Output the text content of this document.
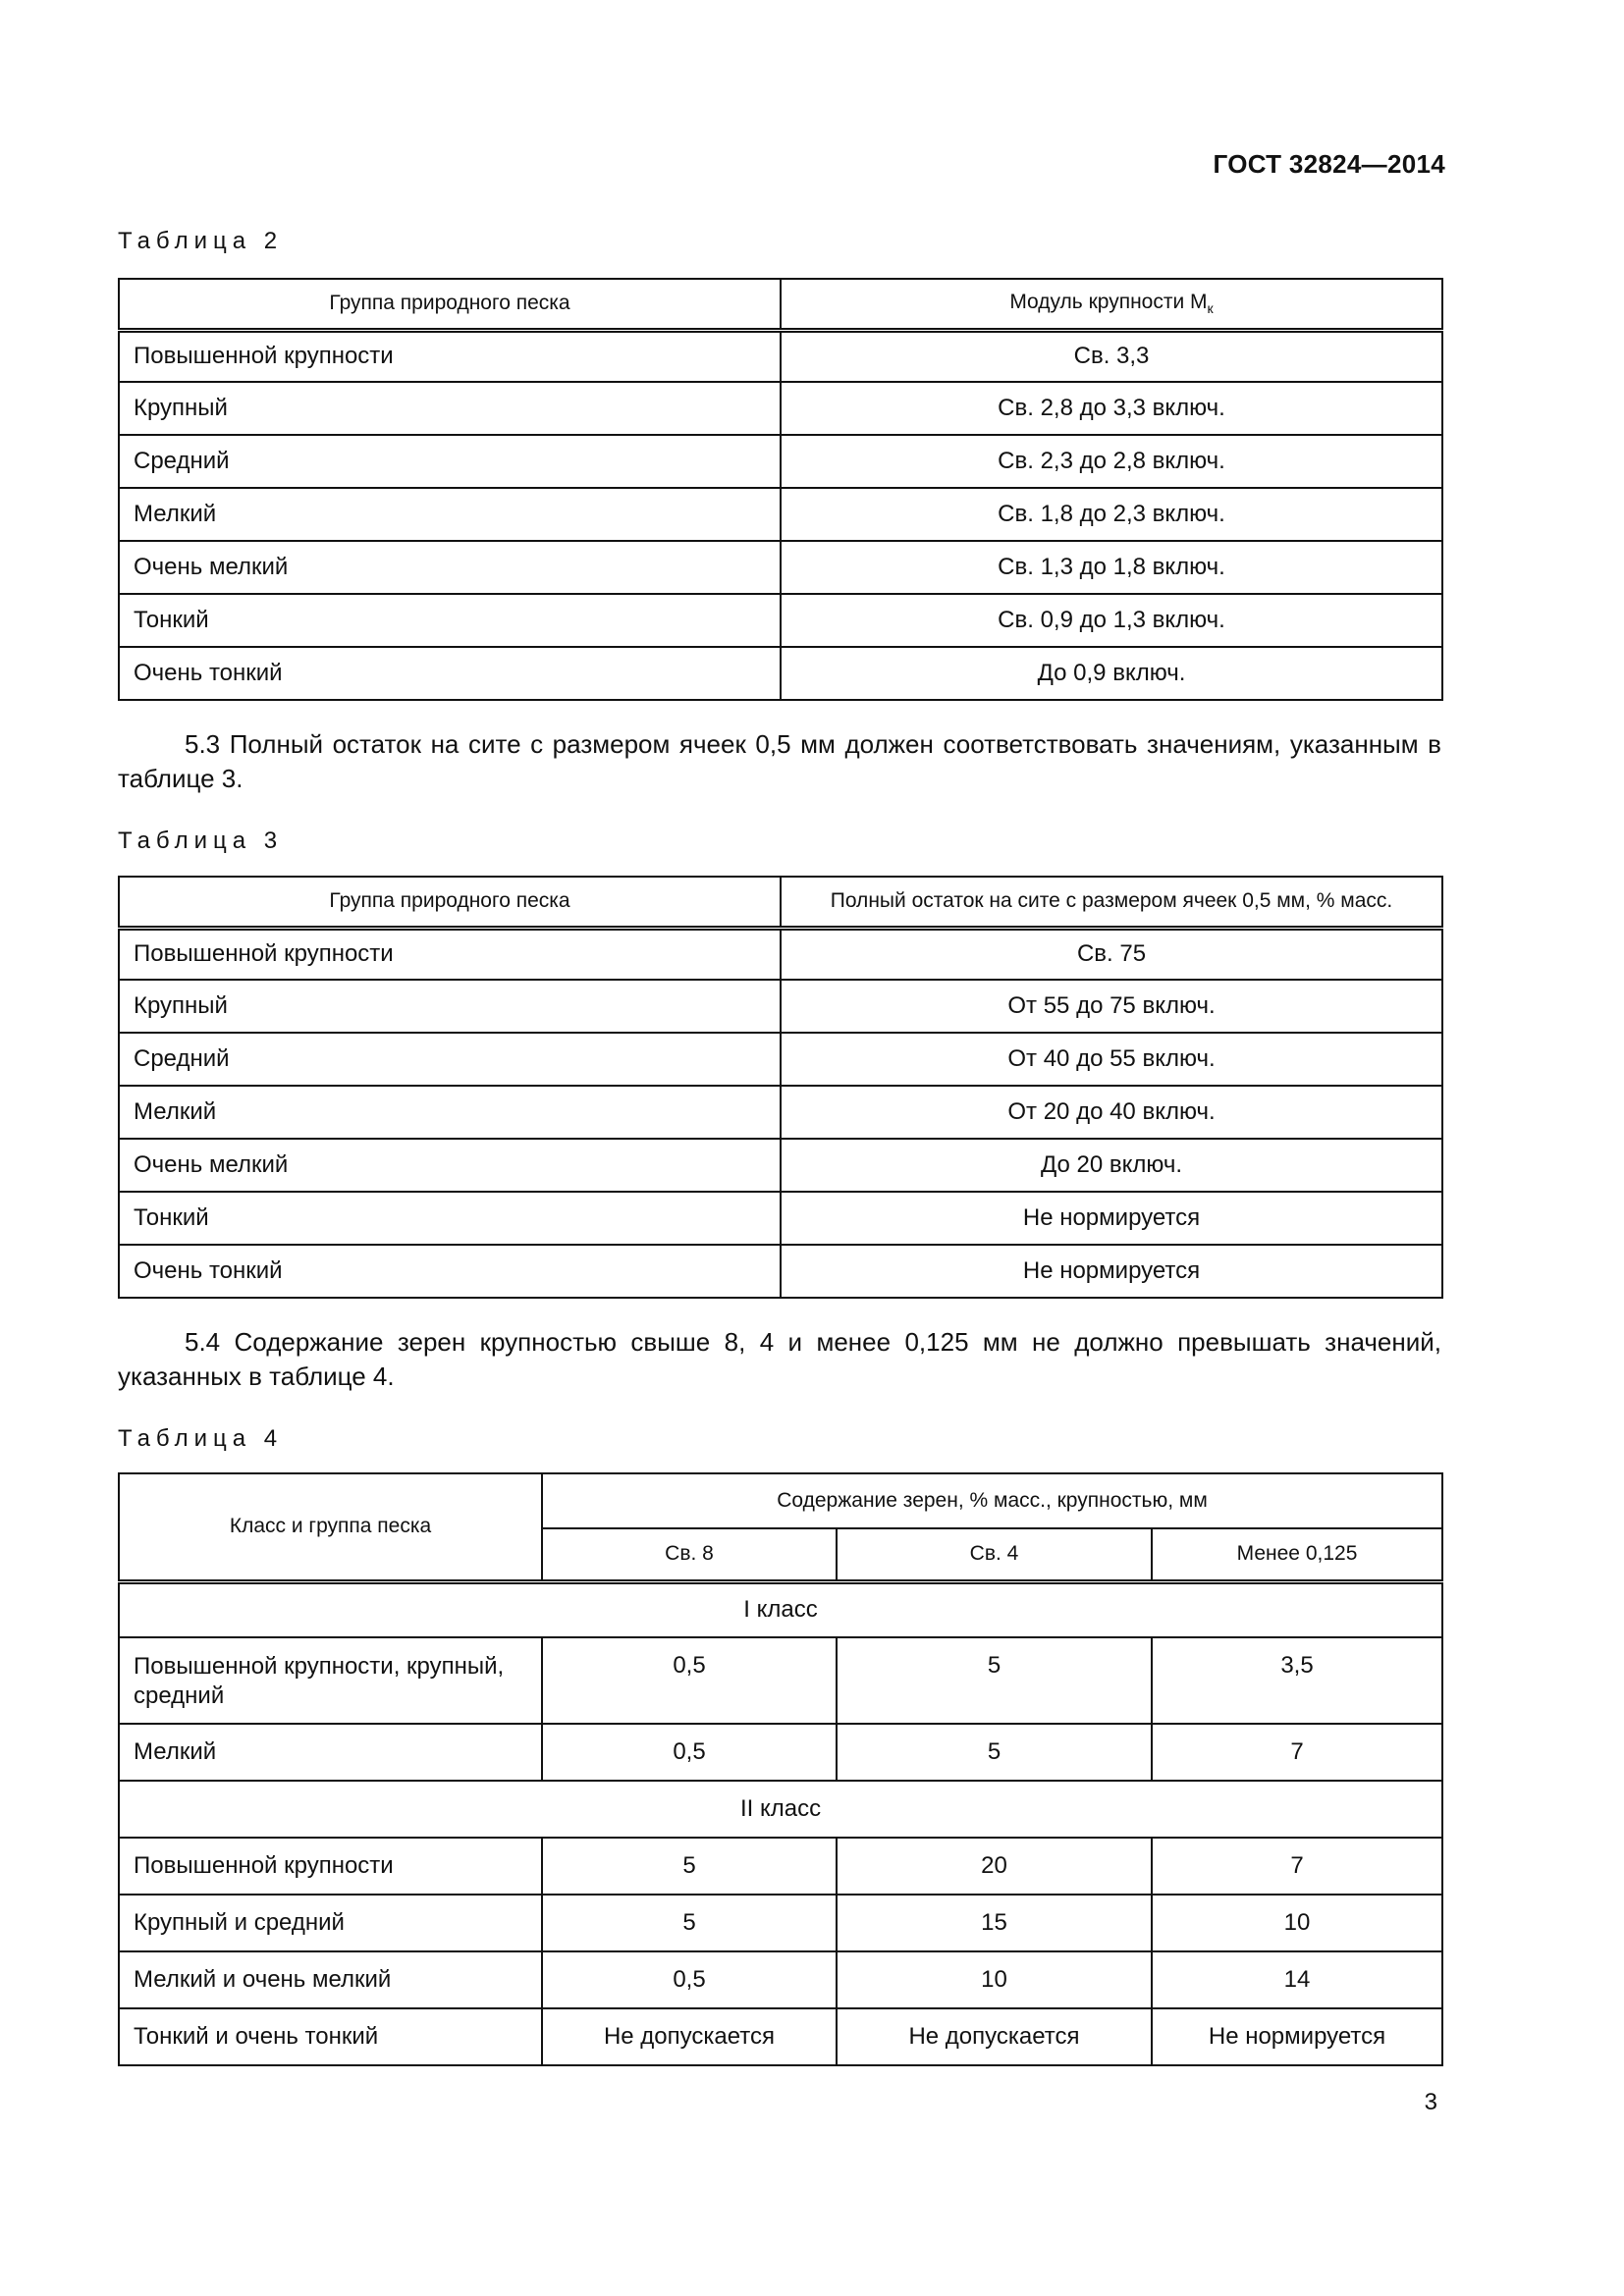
ГОСТ 32824—2014
Таблица 2
Группа природного песка	Модуль крупности $M_к$
Повышенной крупности	Св. 3,3
Крупный	Св. 2,8 до 3,3 включ.
Средний	Св. 2,3 до 2,8 включ.
Мелкий	Св. 1,8 до 2,3 включ.
Очень мелкий	Св. 1,3 до 1,8 включ.
Тонкий	Св. 0,9 до 1,3 включ.
Очень тонкий	До 0,9 включ.
5.3 Полный остаток на сите с размером ячеек 0,5 мм должен соответствовать значениям, указанным в таблице 3.
Таблица 3
Группа природного песка	Полный остаток на сите с размером ячеек 0,5 мм, % масс.
Повышенной крупности	Св. 75
Крупный	От 55 до 75 включ.
Средний	От 40 до 55 включ.
Мелкий	От 20 до 40 включ.
Очень мелкий	До 20 включ.
Тонкий	Не нормируется
Очень тонкий	Не нормируется
5.4 Содержание зерен крупностью свыше 8, 4 и менее 0,125 мм не должно превышать значений, указанных в таблице 4.
Таблица 4
Класс и группа песка	Содержание зерен, % масс., крупностью, мм		
	Св. 8	Св. 4	Менее 0,125
I класс			
Повышенной крупности, крупный, средний	0,5	5	3,5
Мелкий	0,5	5	7
II класс			
Повышенной крупности	5	20	7
Крупный и средний	5	15	10
Мелкий и очень мелкий	0,5	10	14
Тонкий и очень тонкий	Не допускается	Не допускается	Не нормируется
3
